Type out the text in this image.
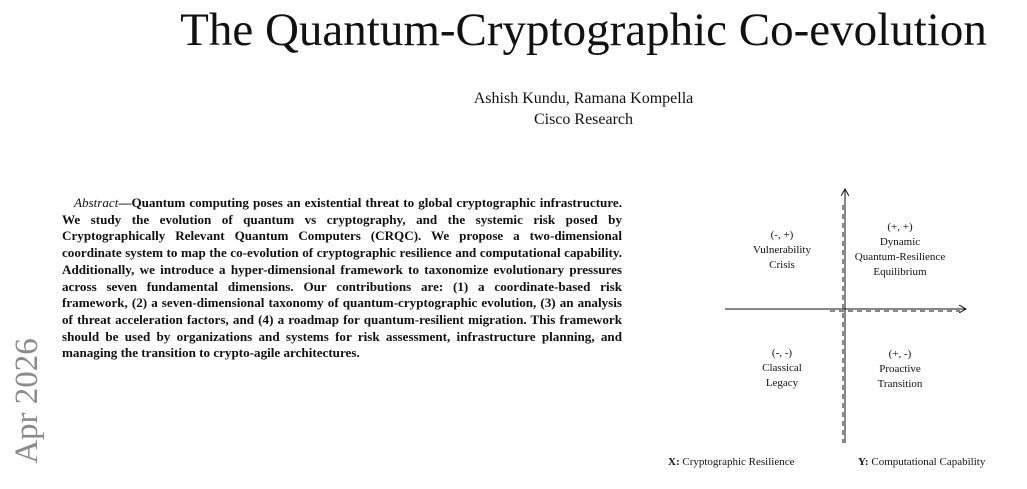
The Quantum-Cryptographic Co-evolution
Ashish Kundu, Ramana Kompella
Cisco Research
Apr 2026

Abstract—Quantum computing poses an existential threat to global cryptographic infrastructure. We study the evolution of quantum vs cryptography, and the systemic risk posed by Cryptographically Relevant Quantum Computers (CRQC). We propose a two-dimensional coordinate system to map the co-evolution of cryptographic resilience and computational capability. Additionally, we introduce a hyper-dimensional framework to taxonomize evolutionary pressures across seven fundamental dimensions. Our contributions are: (1) a coordinate-based risk framework, (2) a seven-dimensional taxonomy of quantum-cryptographic evolution, (3) an analysis of threat acceleration factors, and (4) a roadmap for quantum-resilient migration. This framework should be used by organizations and systems for risk assessment, infrastructure planning, and managing the transition to crypto-agile architectures.

(-, +)
Vulnerability
Crisis
(+, +)
Dynamic
Quantum-Resilience
Equilibrium
(-, -)
Classical
Legacy
(+, -)
Proactive
Transition
X: Cryptographic Resilience	Y: Computational Capability
